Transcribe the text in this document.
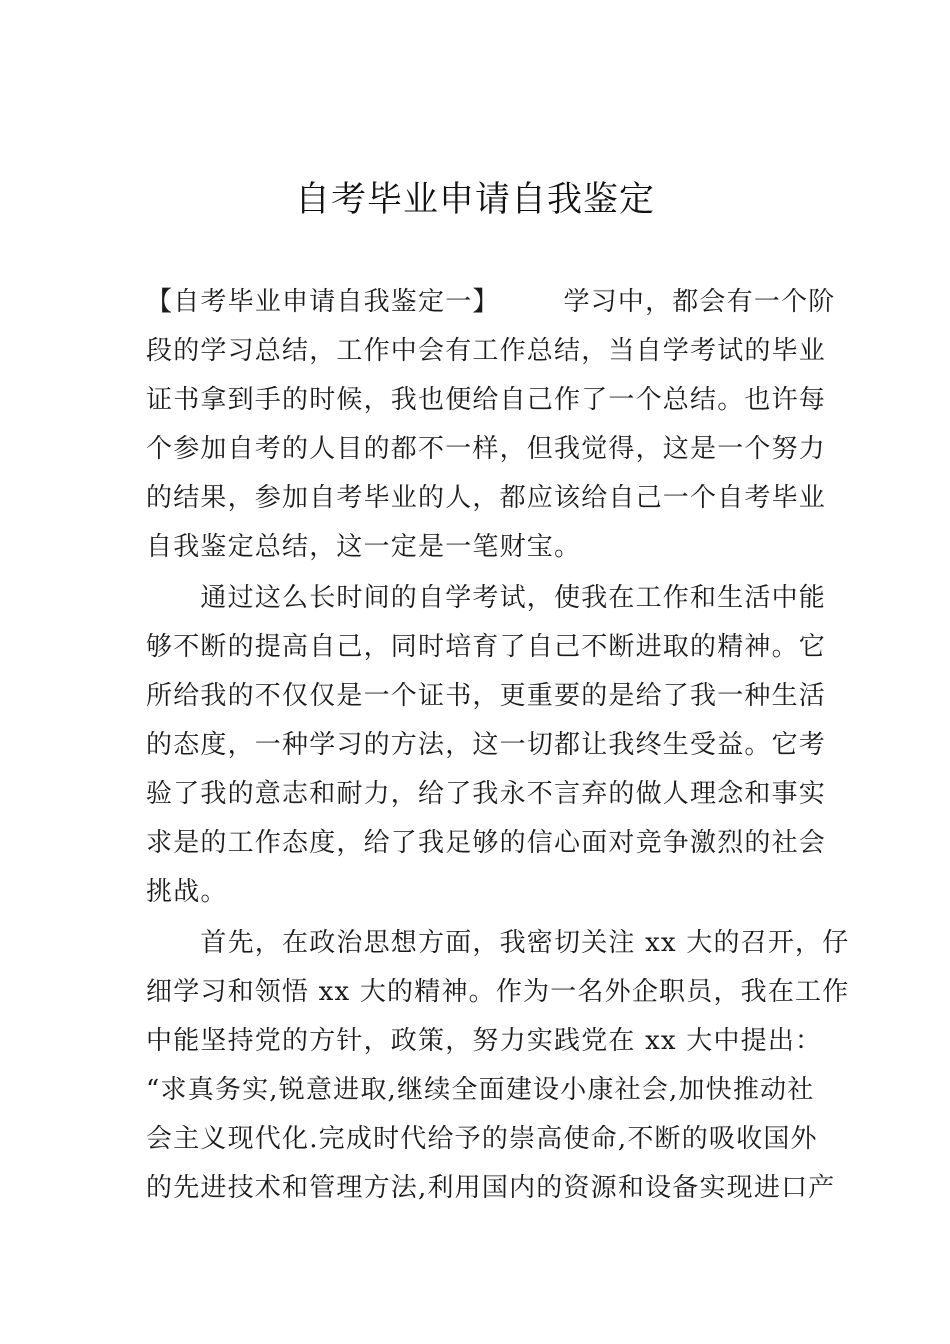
自考毕业申请自我鉴定
【自考毕业申请自我鉴定一】 　　学习中，都会有一个阶
段的学习总结，工作中会有工作总结，当自学考试的毕业
证书拿到手的时候，我也便给自己作了一个总结。也许每
个参加自考的人目的都不一样，但我觉得，这是一个努力
的结果，参加自考毕业的人，都应该给自己一个自考毕业
自我鉴定总结，这一定是一笔财宝。
　　通过这么长时间的自学考试，使我在工作和生活中能
够不断的提高自己，同时培育了自己不断进取的精神。它
所给我的不仅仅是一个证书，更重要的是给了我一种生活
的态度，一种学习的方法，这一切都让我终生受益。它考
验了我的意志和耐力，给了我永不言弃的做人理念和事实
求是的工作态度，给了我足够的信心面对竞争激烈的社会
挑战。
　　首先，在政治思想方面，我密切关注 xx 大的召开，仔
细学习和领悟 xx 大的精神。作为一名外企职员，我在工作
中能坚持党的方针，政策，努力实践党在 xx 大中提出：
“求真务实,锐意进取,继续全面建设小康社会,加快推动社
会主义现代化.完成时代给予的崇高使命,不断的吸收国外
的先进技术和管理方法,利用国内的资源和设备实现进口产
